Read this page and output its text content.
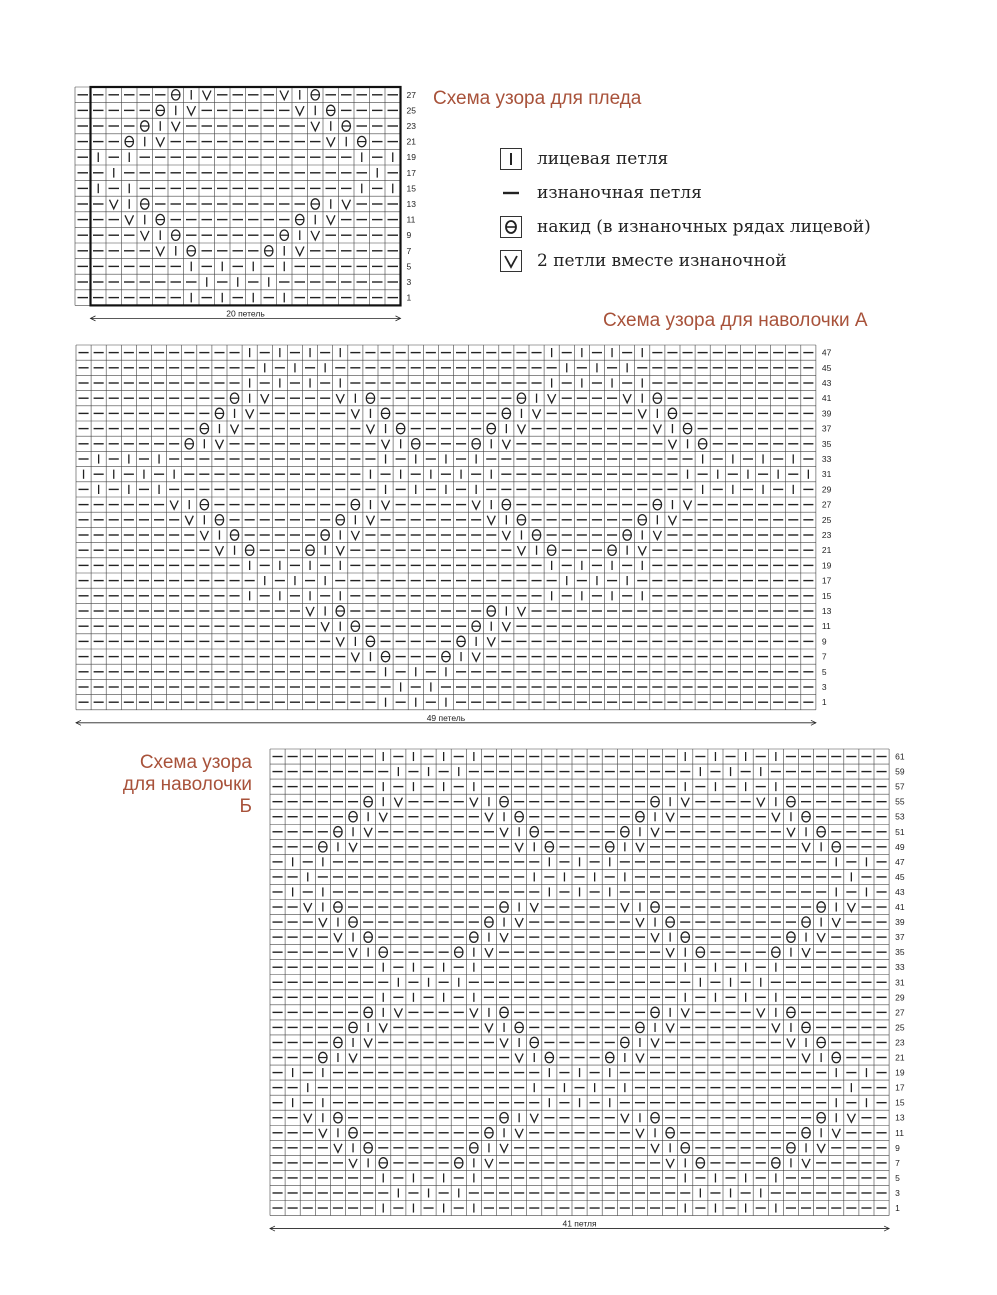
Схема узора для пледа
Схема узора для наволочки А
Схема узора
для наволочки Б
лицевая петля
изнаночная петля
накид (в изнаночных рядах лицевой)
2 петли вместе изнаночной
27
25
23
21
19
17
15
13
11
9
7
5
3
1
20 петель
47
45
43
41
39
37
35
33
31
29
27
25
23
21
19
17
15
13
11
9
7
5
3
1
49 петель
61
59
57
55
53
51
49
47
45
43
41
39
37
35
33
31
29
27
25
23
21
19
17
15
13
11
9
7
5
3
1
41 петля
